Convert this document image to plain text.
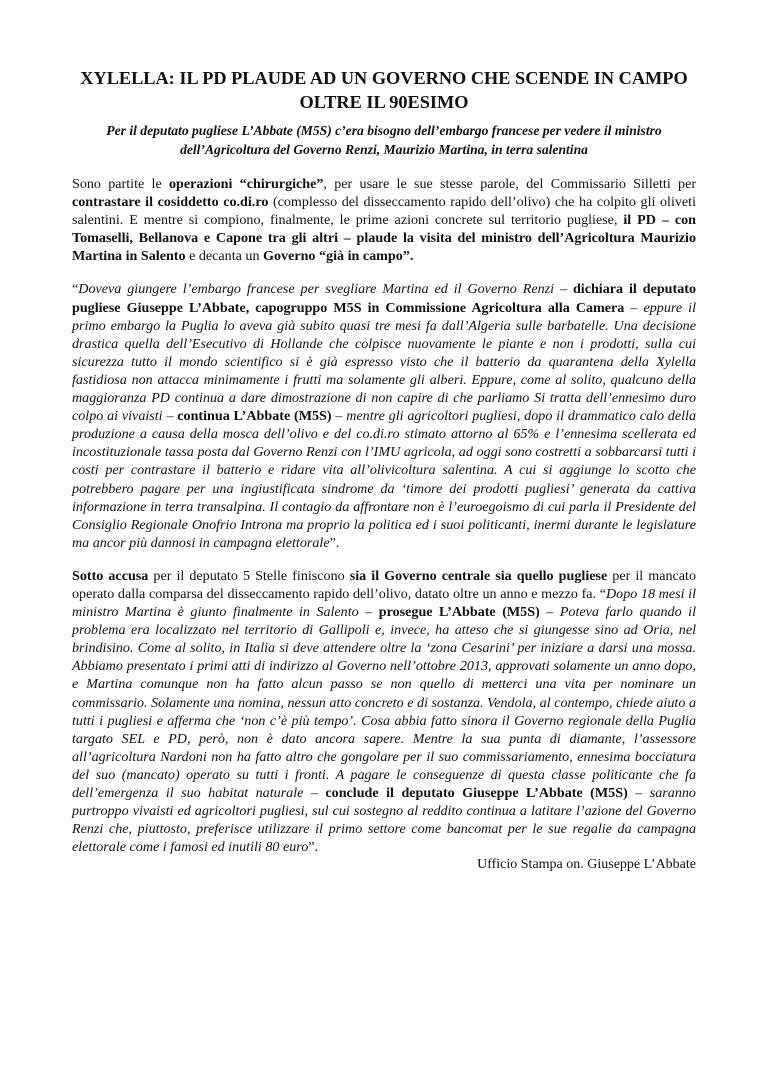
XYLELLA: IL PD PLAUDE AD UN GOVERNO CHE SCENDE IN CAMPO OLTRE IL 90ESIMO

Per il deputato pugliese L’Abbate (M5S) c’era bisogno dell’embargo francese per vedere il ministro dell’Agricoltura del Governo Renzi, Maurizio Martina, in terra salentina

Sono partite le operazioni “chirurgiche”, per usare le sue stesse parole, del Commissario Silletti per contrastare il cosiddetto co.di.ro (complesso del disseccamento rapido dell’olivo) che ha colpito gli oliveti salentini. E mentre si compiono, finalmente, le prime azioni concrete sul territorio pugliese, il PD – con Tomaselli, Bellanova e Capone tra gli altri – plaude la visita del ministro dell’Agricoltura Maurizio Martina in Salento e decanta un Governo “già in campo”.

“Doveva giungere l’embargo francese per svegliare Martina ed il Governo Renzi – dichiara il deputato pugliese Giuseppe L’Abbate, capogruppo M5S in Commissione Agricoltura alla Camera – eppure il primo embargo la Puglia lo aveva già subito quasi tre mesi fa dall’Algeria sulle barbatelle. Una decisione drastica quella dell’Esecutivo di Hollande che colpisce nuovamente le piante e non i prodotti, sulla cui sicurezza tutto il mondo scientifico si è già espresso visto che il batterio da quarantena della Xylella fastidiosa non attacca minimamente i frutti ma solamente gli alberi. Eppure, come al solito, qualcuno della maggioranza PD continua a dare dimostrazione di non capire di che parliamo Si tratta dell’ennesimo duro colpo ai vivaisti – continua L’Abbate (M5S) – mentre gli agricoltori pugliesi, dopo il drammatico calo della produzione a causa della mosca dell’olivo e del co.di.ro stimato attorno al 65% e l’ennesima scellerata ed incostituzionale tassa posta dal Governo Renzi con l’IMU agricola, ad oggi sono costretti a sobbarcarsi tutti i costi per contrastare il batterio e ridare vita all’olivicoltura salentina. A cui si aggiunge lo scotto che potrebbero pagare per una ingiustificata sindrome da ‘timore dei prodotti pugliesi’ generata da cattiva informazione in terra transalpina. Il contagio da affrontare non è l’euroegoismo di cui parla il Presidente del Consiglio Regionale Onofrio Introna ma proprio la politica ed i suoi politicanti, inermi durante le legislature ma ancor più dannosi in campagna elettorale”.

Sotto accusa per il deputato 5 Stelle finiscono sia il Governo centrale sia quello pugliese per il mancato operato dalla comparsa del disseccamento rapido dell’olivo, datato oltre un anno e mezzo fa. “Dopo 18 mesi il ministro Martina è giunto finalmente in Salento – prosegue L’Abbate (M5S) – Poteva farlo quando il problema era localizzato nel territorio di Gallipoli e, invece, ha atteso che si giungesse sino ad Oria, nel brindisino. Come al solito, in Italia si deve attendere oltre la ‘zona Cesarini’ per iniziare a darsi una mossa. Abbiamo presentato i primi atti di indirizzo al Governo nell’ottobre 2013, approvati solamente un anno dopo, e Martina comunque non ha fatto alcun passo se non quello di metterci una vita per nominare un commissario. Solamente una nomina, nessun atto concreto e di sostanza. Vendola, al contempo, chiede aiuto a tutti i pugliesi e afferma che ‘non c’è più tempo’. Cosa abbia fatto sinora il Governo regionale della Puglia targato SEL e PD, però, non è dato ancora sapere. Mentre la sua punta di diamante, l’assessore all’agricoltura Nardoni non ha fatto altro che gongolare per il suo commissariamento, ennesima bocciatura del suo (mancato) operato su tutti i fronti. A pagare le conseguenze di questa classe politicante che fa dell’emergenza il suo habitat naturale – conclude il deputato Giuseppe L’Abbate (M5S) – saranno purtroppo vivaisti ed agricoltori pugliesi, sul cui sostegno al reddito continua a latitare l’azione del Governo Renzi che, piuttosto, preferisce utilizzare il primo settore come bancomat per le sue regalie da campagna elettorale come i famosi ed inutili 80 euro”.

Ufficio Stampa on. Giuseppe L’Abbate
